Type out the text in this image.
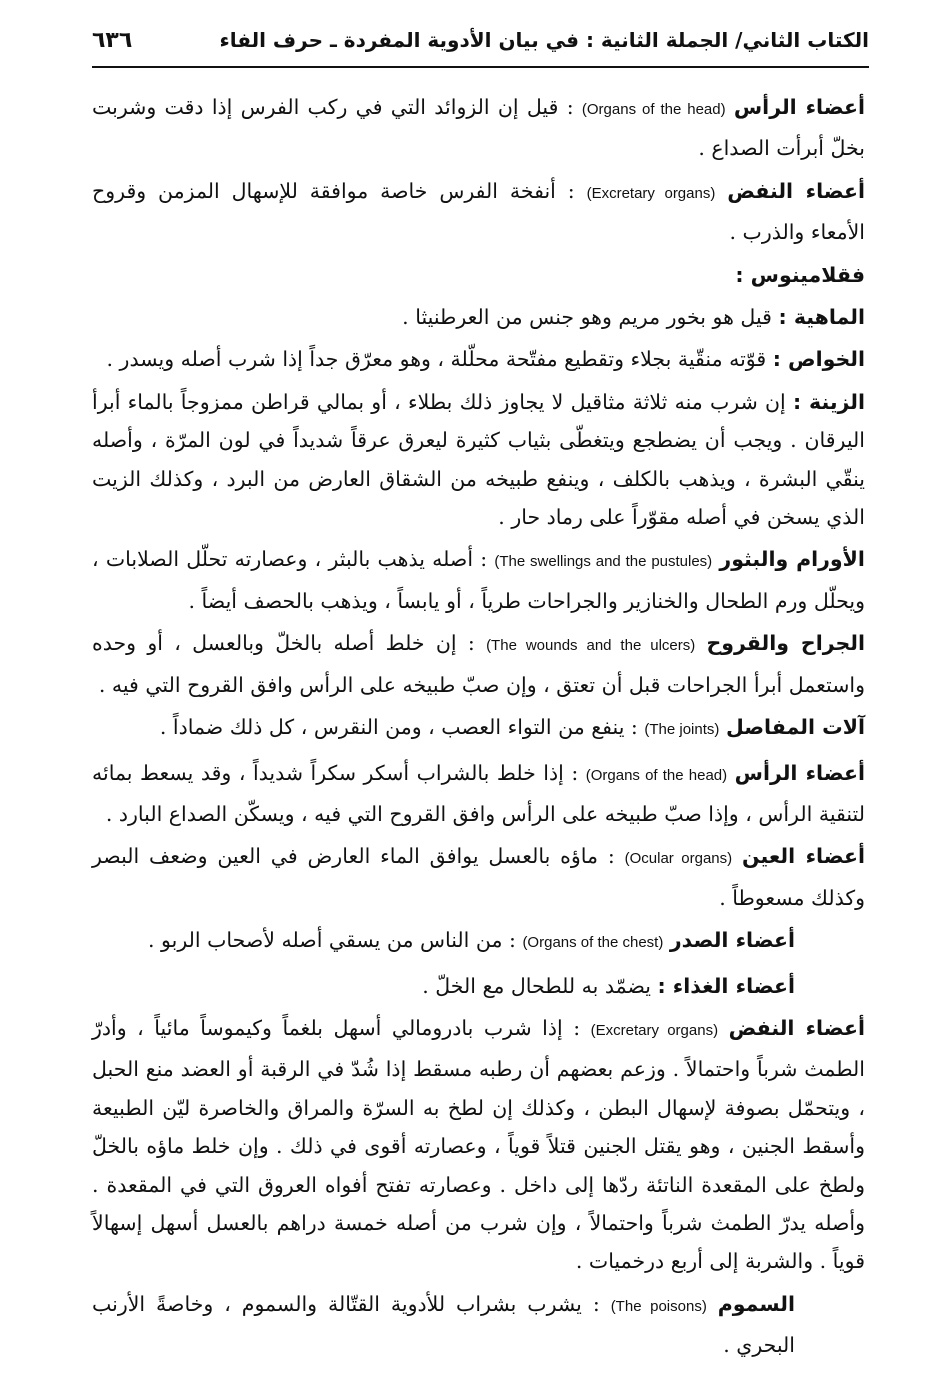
الكتاب الثاني/ الجملة الثانية : في بيان الأدوية المفردة ـ حرف الفاء
٦٣٦

أعضاء الرأس (Organs of the head) : قيل إن الزوائد التي في ركب الفرس إذا دقت وشربت بخلّ أبرأت الصداع .

أعضاء النفض (Excretary organs) : أنفخة الفرس خاصة موافقة للإسهال المزمن وقروح الأمعاء والذرب .

فقلامينوس :

الماهية : قيل هو بخور مريم وهو جنس من العرطنيثا .

الخواص : قوّته منقّية بجلاء وتقطيع مفتّحة محلّلة ، وهو معرّق جداً إذا شرب أصله ويسدر .

الزينة : إن شرب منه ثلاثة مثاقيل لا يجاوز ذلك بطلاء ، أو بمالي قراطن ممزوجاً بالماء أبرأ اليرقان . ويجب أن يضطجع ويتغطّى بثياب كثيرة ليعرق عرقاً شديداً في لون المرّة ، وأصله ينقّي البشرة ، ويذهب بالكلف ، وينفع طبيخه من الشقاق العارض من البرد ، وكذلك الزيت الذي يسخن في أصله مقوّراً على رماد حار .

الأورام والبثور (The swellings and the pustules) : أصله يذهب بالبثر ، وعصارته تحلّل الصلابات ، ويحلّل ورم الطحال والخنازير والجراحات طرياً ، أو يابساً ، ويذهب بالحصف أيضاً .

الجراح والقروح (The wounds and the ulcers) : إن خلط أصله بالخلّ وبالعسل ، أو وحده واستعمل أبرأ الجراحات قبل أن تعتق ، وإن صبّ طبيخه على الرأس وافق القروح التي فيه .

آلات المفاصل (The joints) : ينفع من التواء العصب ، ومن النقرس ، كل ذلك ضماداً .

أعضاء الرأس (Organs of the head) : إذا خلط بالشراب أسكر سكراً شديداً ، وقد يسعط بمائه لتنقية الرأس ، وإذا صبّ طبيخه على الرأس وافق القروح التي فيه ، ويسكّن الصداع البارد .

أعضاء العين (Ocular organs) : ماؤه بالعسل يوافق الماء العارض في العين وضعف البصر وكذلك مسعوطاً .

أعضاء الصدر (Organs of the chest) : من الناس من يسقي أصله لأصحاب الربو .

أعضاء الغذاء : يضمّد به للطحال مع الخلّ .

أعضاء النفض (Excretary organs) : إذا شرب بادرومالي أسهل بلغماً وكيموساً مائياً ، وأدرّ الطمث شرباً واحتمالاً . وزعم بعضهم أن رطبه مسقط إذا شُدّ في الرقبة أو العضد منع الحبل ، ويتحمّل بصوفة لإسهال البطن ، وكذلك إن لطخ به السرّة والمراق والخاصرة ليّن الطبيعة وأسقط الجنين ، وهو يقتل الجنين قتلاً قوياً ، وعصارته أقوى في ذلك . وإن خلط ماؤه بالخلّ ولطخ على المقعدة الناتئة ردّها إلى داخل . وعصارته تفتح أفواه العروق التي في المقعدة . وأصله يدرّ الطمث شرباً واحتمالاً ، وإن شرب من أصله خمسة دراهم بالعسل أسهل إسهالاً قوياً . والشربة إلى أربع درخميات .

السموم (The poisons) : يشرب بشراب للأدوية القتّالة والسموم ، وخاصةً الأرنب البحري .
